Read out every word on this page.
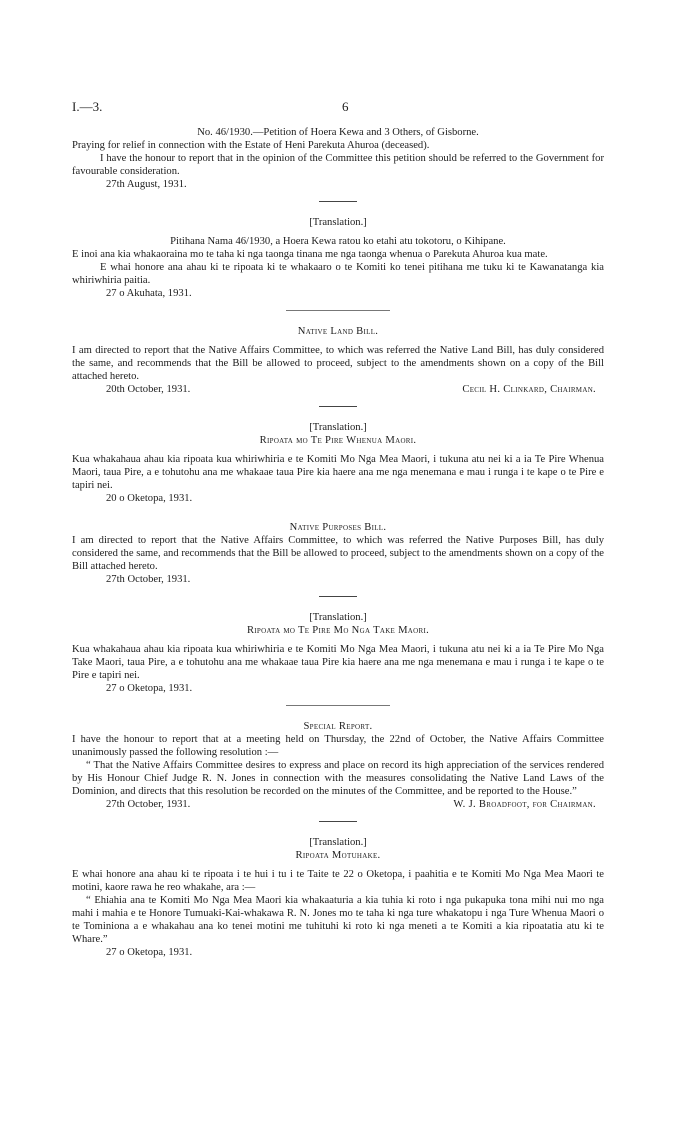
I.—3.	6

No. 46/1930.—Petition of Hoera Kewa and 3 Others, of Gisborne.

Praying for relief in connection with the Estate of Heni Parekuta Ahuroa (deceased).

I have the honour to report that in the opinion of the Committee this petition should be referred to the Government for favourable consideration.

27th August, 1931.

[Translation.]

Pitihana Nama 46/1930, a Hoera Kewa ratou ko etahi atu tokotoru, o Kihipane.

E inoi ana kia whakaoraina mo te taha ki nga taonga tinana me nga taonga whenua o Parekuta Ahuroa kua mate.

E whai honore ana ahau ki te ripoata ki te whakaaro o te Komiti ko tenei pitihana me tuku ki te Kawanatanga kia whiriwhiria paitia.

27 o Akuhata, 1931.

Native Land Bill.

I am directed to report that the Native Affairs Committee, to which was referred the Native Land Bill, has duly considered the same, and recommends that the Bill be allowed to proceed, subject to the amendments shown on a copy of the Bill attached hereto.

20th October, 1931.	Cecil H. Clinkard, Chairman.

[Translation.]

Ripoata mo Te Pire Whenua Maori.

Kua whakahaua ahau kia ripoata kua whiriwhiria e te Komiti Mo Nga Mea Maori, i tukuna atu nei ki a ia Te Pire Whenua Maori, taua Pire, a e tohutohu ana me whakaae taua Pire kia haere ana me nga menemana e mau i runga i te kape o te Pire e tapiri nei.

20 o Oketopa, 1931.

Native Purposes Bill.

I am directed to report that the Native Affairs Committee, to which was referred the Native Purposes Bill, has duly considered the same, and recommends that the Bill be allowed to proceed, subject to the amendments shown on a copy of the Bill attached hereto.

27th October, 1931.

[Translation.]

Ripoata mo Te Pire Mo Nga Take Maori.

Kua whakahaua ahau kia ripoata kua whiriwhiria e te Komiti Mo Nga Mea Maori, i tukuna atu nei ki a ia Te Pire Mo Nga Take Maori, taua Pire, a e tohutohu ana me whakaae taua Pire kia haere ana me nga menemana e mau i runga i te kape o te Pire e tapiri nei.

27 o Oketopa, 1931.

Special Report.

I have the honour to report that at a meeting held on Thursday, the 22nd of October, the Native Affairs Committee unanimously passed the following resolution :—

“ That the Native Affairs Committee desires to express and place on record its high appreciation of the services rendered by His Honour Chief Judge R. N. Jones in connection with the measures consolidating the Native Land Laws of the Dominion, and directs that this resolution be recorded on the minutes of the Committee, and be reported to the House.”

27th October, 1931.	W. J. Broadfoot, for Chairman.

[Translation.]

Ripoata Motuhake.

E whai honore ana ahau ki te ripoata i te hui i tu i te Taite te 22 o Oketopa, i paahitia e te Komiti Mo Nga Mea Maori te motini, kaore rawa he reo whakahe, ara :—

“ Ehiahia ana te Komiti Mo Nga Mea Maori kia whakaaturia a kia tuhia ki roto i nga pukapuka tona mihi nui mo nga mahi i mahia e te Honore Tumuaki-Kai-whakawa R. N. Jones mo te taha ki nga ture whakatopu i nga Ture Whenua Maori o te Tominiona a e whakahau ana ko tenei motini me tuhituhi ki roto ki nga meneti a te Komiti a kia ripoatatia atu ki te Whare.”

27 o Oketopa, 1931.
